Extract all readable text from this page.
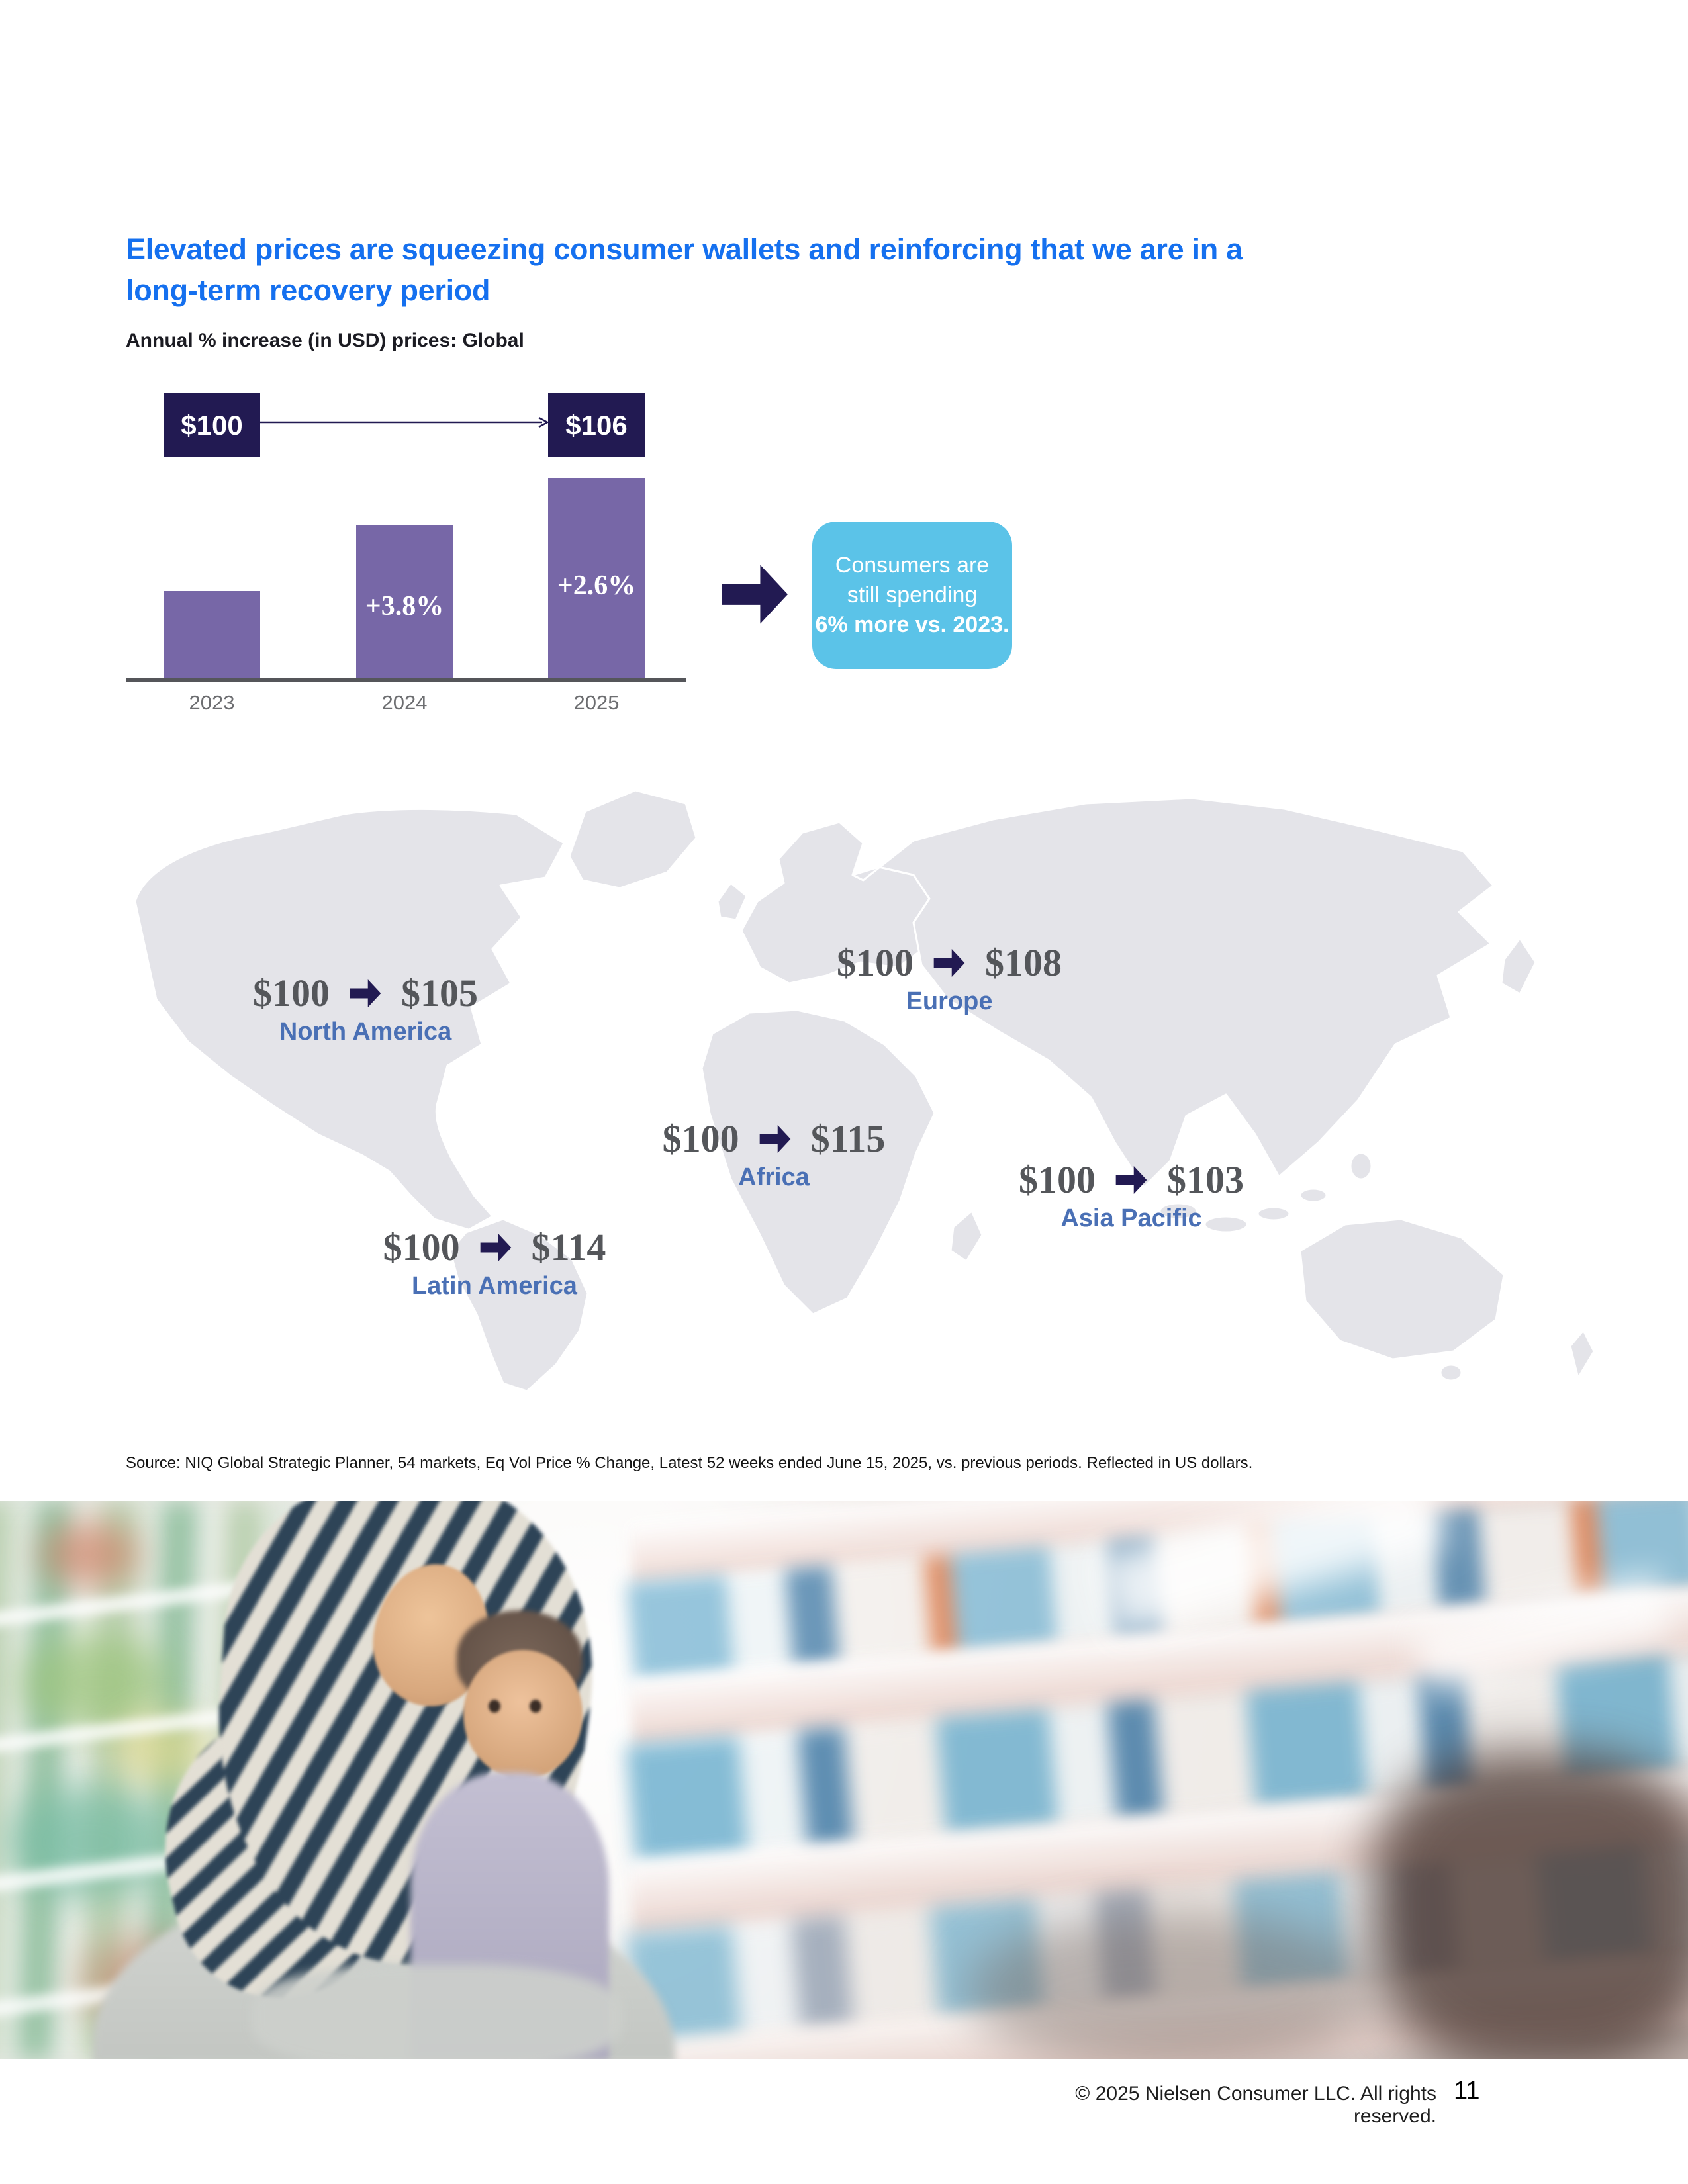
Elevated prices are squeezing consumer wallets and reinforcing that we are in a long-term recovery period
Annual % increase (in USD) prices: Global
$100	$106
+3.8%
+2.6%
2023	2024	2025
Consumers are
still spending
6% more vs. 2023.
$100 $105
North America
$100 $108
Europe
$100 $115
Africa
$100 $114
Latin America
$100 $103
Asia Pacific
Source: NIQ Global Strategic Planner, 54 markets, Eq Vol Price % Change, Latest 52 weeks ended June 15, 2025, vs. previous periods. Reflected in US dollars.
© 2025 Nielsen Consumer LLC. All rights reserved.
11
